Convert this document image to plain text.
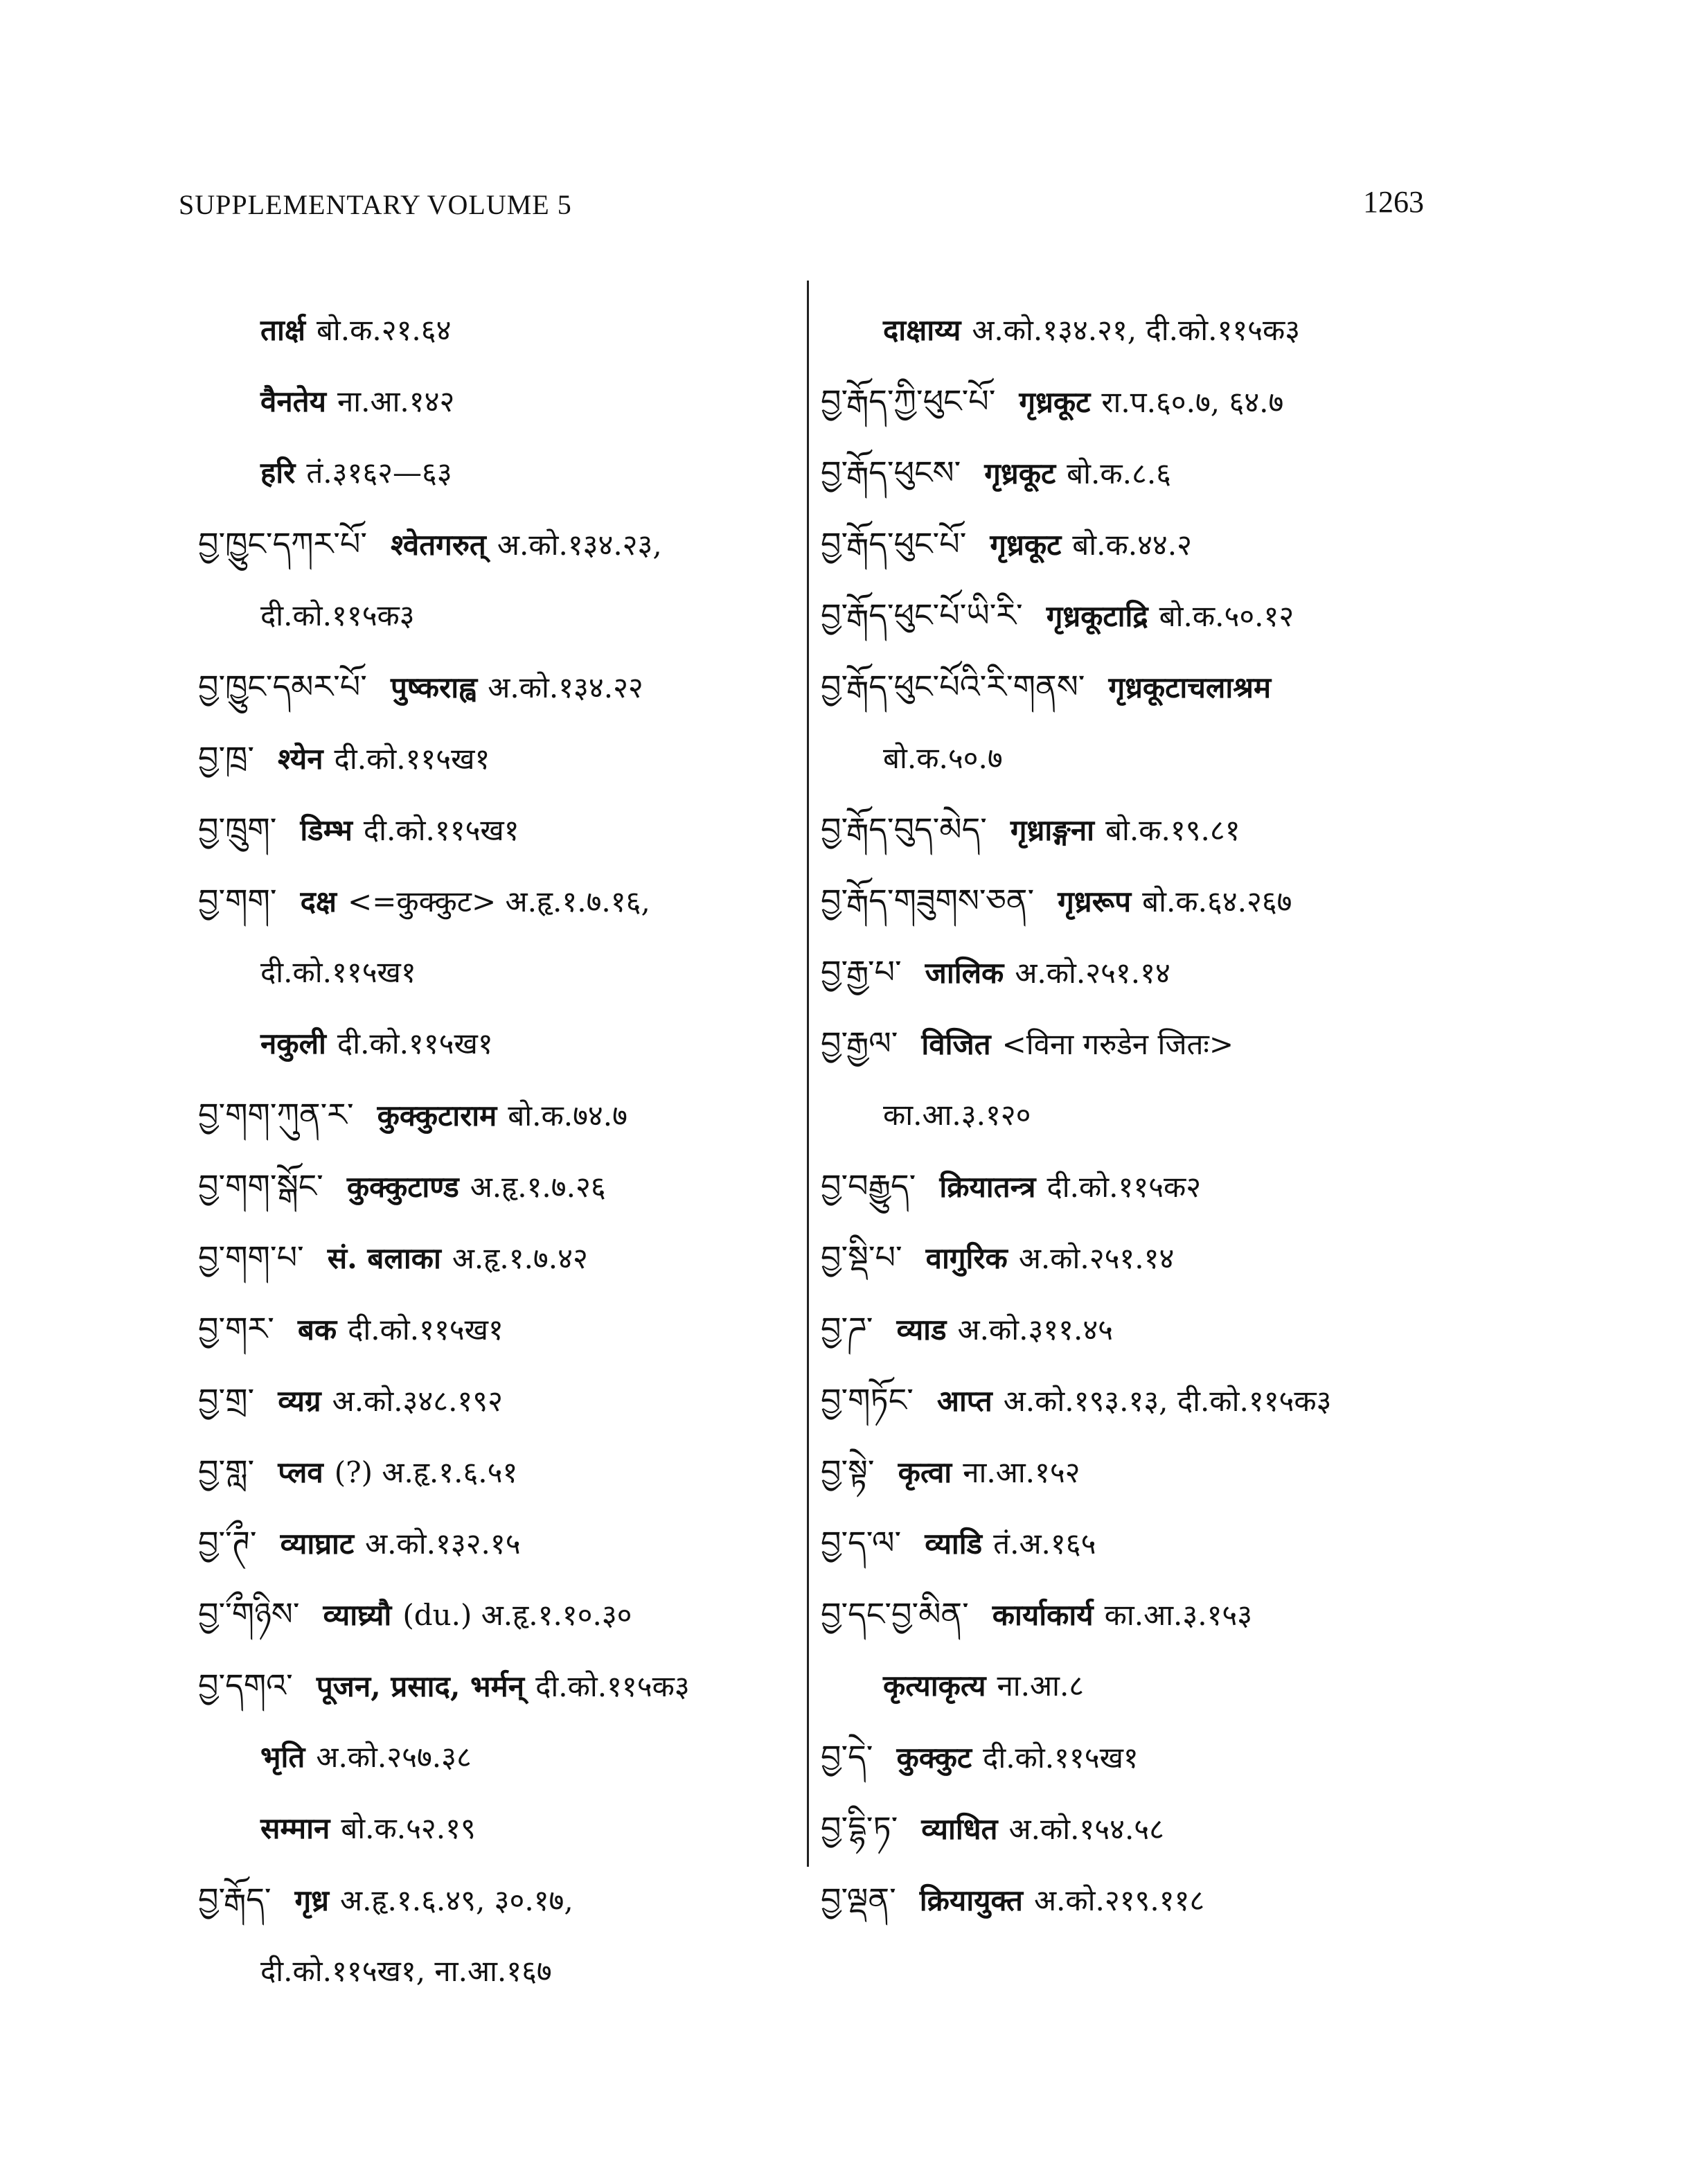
SUPPLEMENTARY VOLUME 5	1263
तार्क्ष बो.क.२१.६४
वैनतेय ना.आ.१४२
हरि तं.३१६२—६३
བྱ་ཁྱུང་དཀར་པོ་ श्वेतगरुत् अ.को.१३४.२३,
दी.को.११५क३
བྱ་ཁྱུང་དམར་པོ་ पुष्कराह्व अ.को.१३४.२२
བྱ་ཁྲ་ श्येन दी.को.११५ख१
བྱ་ཁྲུག་ डिम्भ दी.को.११५ख१
བྱ་གག་ दक्ष <=कुक्कुट> अ.हृ.१.७.१६,
दी.को.११५ख१
नकुली दी.को.११५ख१
བྱ་གག་ཀུན་ར་ कुक्कुटाराम बो.क.७४.७
བྱ་གག་སྒོང་ कुक्कुटाण्ड अ.हृ.१.७.२६
བྱ་གག་པ་ सं. बलाका अ.हृ.१.७.४२
བྱ་གར་ बक दी.को.११५ख१
བྱ་གྲ་ व्यग्र अ.को.३४८.१९२
བྱ་གླ་ प्लव (?) अ.हृ.१.६.५१
བྱ་ྀ་ཊ་ व्याघ्राट अ.को.१३२.१५
བྱ་ྀ་གཉིས་ व्याघ्र्यौ (du.) अ.हृ.१.१०.३०
བྱ་དགའ་ पूजन, प्रसाद, भर्मन् दी.को.११५क३
भृति अ.को.२५७.३८
सम्मान बो.क.५२.१९
བྱ་རྒོད་ गृध्र अ.हृ.१.६.४९, ३०.१७,
दी.को.११५ख१, ना.आ.१६७
दाक्षाय्य अ.को.१३४.२१, दी.को.११५क३
བྱ་རྒོད་ཀྱི་ཕུང་པོ་ गृध्रकूट रा.प.६०.७, ६४.७
བྱ་རྒོད་ཕུངས་ गृध्रकूट बो.क.८.६
བྱ་རྒོད་ཕུང་པོ་ गृध्रकूट बो.क.४४.२
བྱ་རྒོད་ཕུང་པོ་ཡི་རི་ गृध्रकूटाद्रि बो.क.५०.१२
བྱ་རྒོད་ཕུང་པོའི་རི་གནས་ गृध्रकूटाचलाश्रम
बो.क.५०.७
བྱ་རྒོད་བུད་མེད་ गृध्राङ्गना बो.क.१९.८१
བྱ་རྒོད་གཟུགས་ཅན་ गृध्ररूप बो.क.६४.२६७
བྱ་རྒྱ་པ་ जालिक अ.को.२५१.१४
བྱ་རྒྱལ་ विजित <विना गरुडेन जितः>
का.आ.३.१२०
བྱ་བརྒྱུད་ क्रियातन्त्र दी.को.११५क२
བྱ་སྡི་པ་ वागुरिक अ.को.२५१.१४
བྱ་ཌ་ व्याड अ.को.३११.४५
བྱ་གཏོང་ आप्त अ.को.१९३.१३, दी.को.११५क३
བྱ་སྟེ་ कृत्वा ना.आ.१५२
བྱ་ད་ལ་ व्याडि तं.अ.१६५
བྱ་དང་བྱ་མིན་ कार्याकार्य का.आ.३.१५३
कृत्याकृत्य ना.आ.८
བྱ་དེ་ कुक्कुट दी.को.११५ख१
བྱ་དྷི་ཏ་ व्याधित अ.को.१५४.५८
བྱ་ལྡན་ क्रियायुक्त अ.को.२१९.११८
